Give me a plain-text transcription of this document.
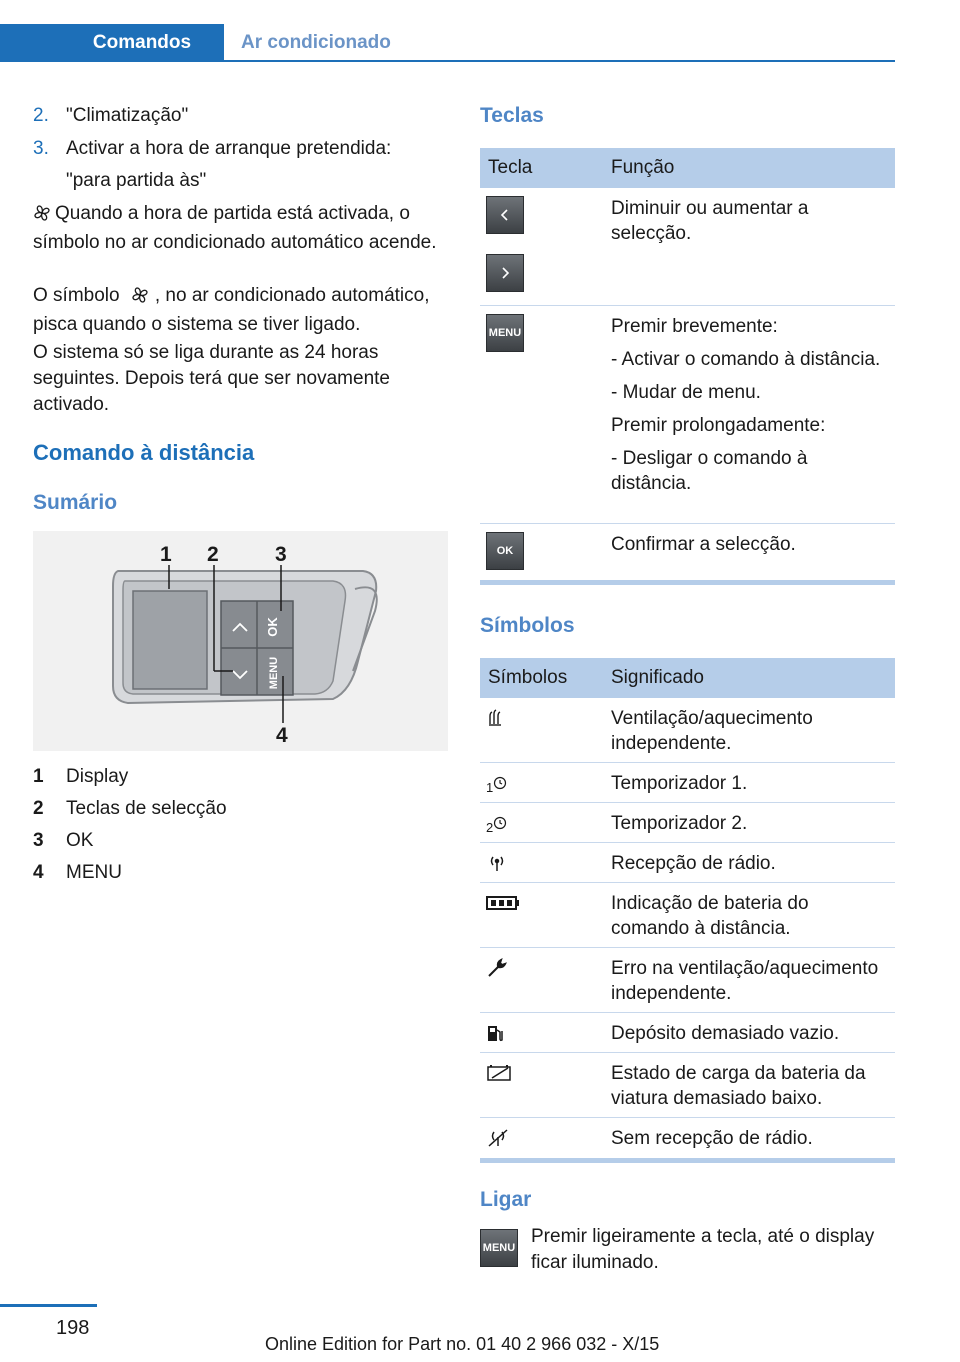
Comandos	Ar condicionado
2. "Climatização"
3. Activar a hora de arranque pretendida:
"para partida às"
Quando a hora de partida está activada, o símbolo no ar condicionado automático acende.
O símbolo , no ar condicionado automático, pisca quando o sistema se tiver ligado.
O sistema só se liga durante as 24 horas seguintes. Depois terá que ser novamente activado.
Comando à distância
Sumário
OK
MENU
1 2	3
4
1	Display
2	Teclas de selecção
3	OK
4	MENU
Teclas
Tecla	Função

Diminuir ou aumentar a selecção.

MENU	Premir brevemente:

- Activar o comando à distância.

- Mudar de menu.

Premir prolongadamente:

- Desligar o comando à distância.

OK	Confirmar a selecção.

Símbolos
Símbolos	Significado

Ventilação/aquecimento independente.

1	Temporizador 1.

2	Temporizador 2.

Recepção de rádio.

Indicação de bateria do comando à distância.

Erro na ventilação/aquecimento independente.

Depósito demasiado vazio.

Estado de carga da bateria da viatura demasiado baixo.

Sem recepção de rádio.

Ligar
MENU
Premir ligeiramente a tecla, até o display ficar iluminado.
198
Online Edition for Part no. 01 40 2 966 032 - X/15
